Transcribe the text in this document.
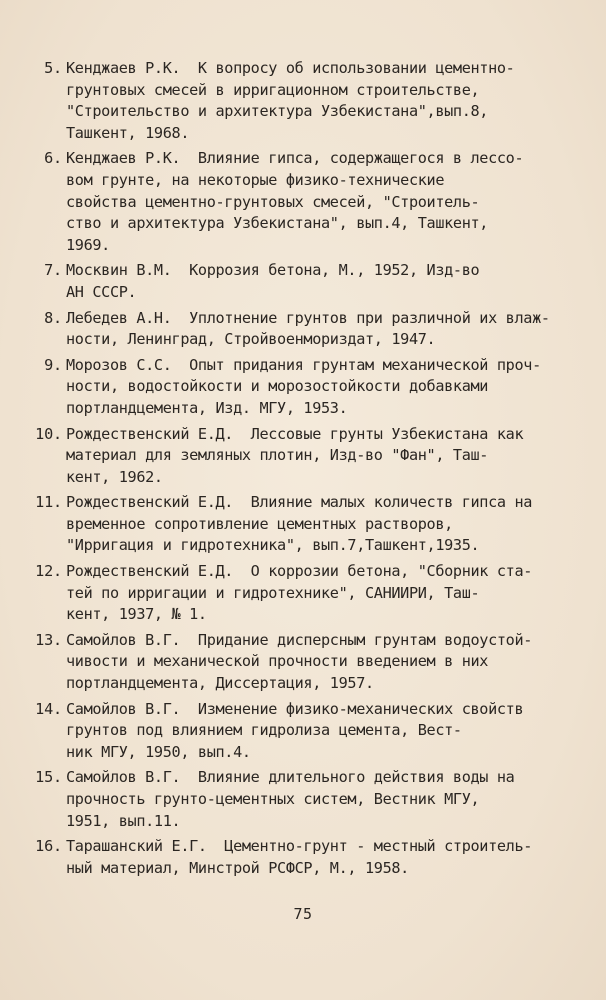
5. Кенджаев Р.К.  К вопросу об использовании цементно-
грунтовых смесей в ирригационном строительстве,
"Строительство и архитектура Узбекистана",вып.8,
Ташкент, 1968.
6. Кенджаев Р.К.  Влияние гипса, содержащегося в лессо-
вом грунте, на некоторые физико-технические
свойства цементно-грунтовых смесей, "Строитель-
ство и архитектура Узбекистана", вып.4, Ташкент,
1969.
7. Москвин В.М.  Коррозия бетона, М., 1952, Изд-во
АН СССР.
8. Лебедев А.Н.  Уплотнение грунтов при различной их влаж-
ности, Ленинград, Стройвоенмориздат, 1947.
9. Морозов С.С.  Опыт придания грунтам механической проч-
ности, водостойкости и морозостойкости добавками
портландцемента, Изд. МГУ, 1953.
10. Рождественский Е.Д.  Лессовые грунты Узбекистана как
материал для земляных плотин, Изд-во "Фан", Таш-
кент, 1962.
11. Рождественский Е.Д.  Влияние малых количеств гипса на
временное сопротивление цементных растворов,
"Ирригация и гидротехника", вып.7,Ташкент,1935.
12. Рождественский Е.Д.  О коррозии бетона, "Сборник ста-
тей по ирригации и гидротехнике", САНИИРИ, Таш-
кент, 1937, № 1.
13. Самойлов В.Г.  Придание дисперсным грунтам водоустой-
чивости и механической прочности введением в них
портландцемента, Диссертация, 1957.
14. Самойлов В.Г.  Изменение физико-механических свойств
грунтов под влиянием гидролиза цемента, Вест-
ник МГУ, 1950, вып.4.
15. Самойлов В.Г.  Влияние длительного действия воды на
прочность грунто-цементных систем, Вестник МГУ,
1951, вып.11.
16. Тарашанский Е.Г.  Цементно-грунт - местный строитель-
ный материал, Минстрой РСФСР, М., 1958.
75
